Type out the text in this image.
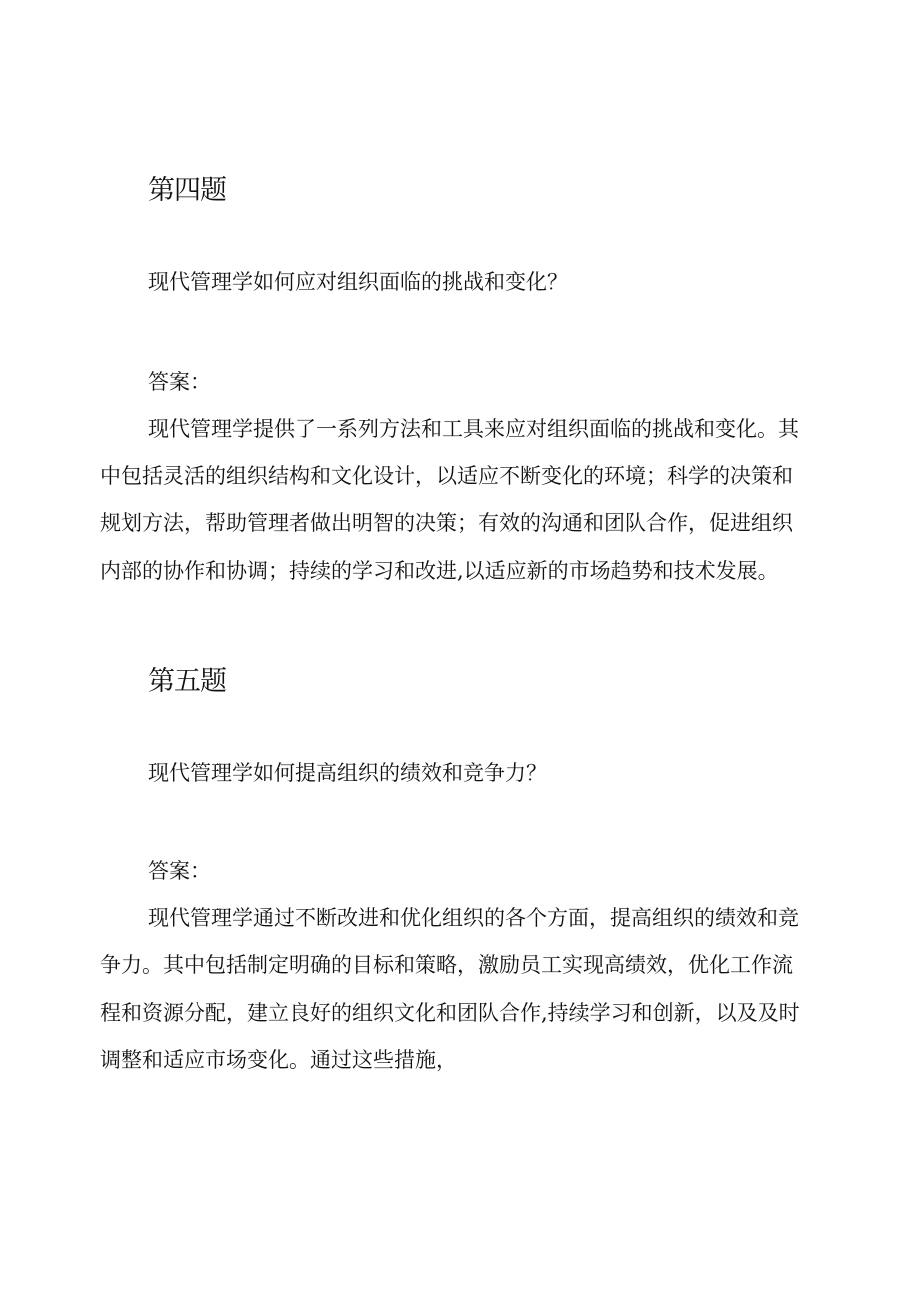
第四题

现代管理学如何应对组织面临的挑战和变化？

答案：

现代管理学提供了一系列方法和工具来应对组织面临的挑战和变化。其

中包括灵活的组织结构和文化设计，以适应不断变化的环境；科学的决策和

规划方法，帮助管理者做出明智的决策；有效的沟通和团队合作，促进组织

内部的协作和协调；持续的学习和改进,以适应新的市场趋势和技术发展。

第五题

现代管理学如何提高组织的绩效和竞争力？

答案：

现代管理学通过不断改进和优化组织的各个方面，提高组织的绩效和竞

争力。其中包括制定明确的目标和策略，激励员工实现高绩效，优化工作流

程和资源分配，建立良好的组织文化和团队合作,持续学习和创新，以及及时

调整和适应市场变化。通过这些措施，
